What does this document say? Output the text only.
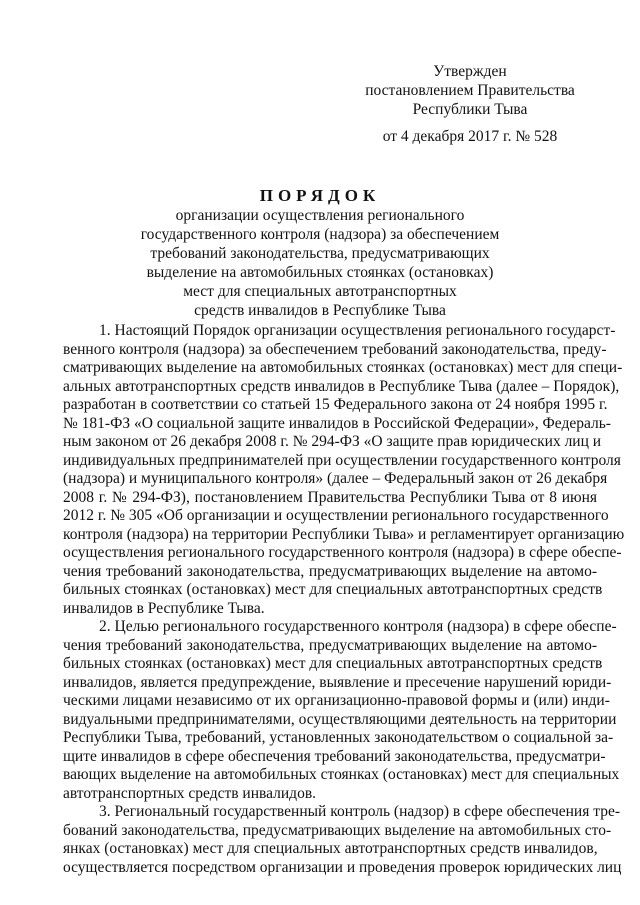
Утвержден
постановлением Правительства
Республики Тыва
от 4 декабря 2017 г. № 528
ПОРЯДОК
организации осуществления регионального
государственного контроля (надзора) за обеспечением
требований законодательства, предусматривающих
выделение на автомобильных стоянках (остановках)
мест для специальных автотранспортных
средств инвалидов в Республике Тыва
1. Настоящий Порядок организации осуществления регионального государст-
венного контроля (надзора) за обеспечением требований законодательства, преду-
сматривающих выделение на автомобильных стоянках (остановках) мест для специ-
альных автотранспортных средств инвалидов в Республике Тыва (далее – Порядок),
разработан в соответствии со статьей 15 Федерального закона от 24 ноября 1995 г.
№ 181-ФЗ «О социальной защите инвалидов в Российской Федерации», Федераль-
ным законом от 26 декабря 2008 г. № 294-ФЗ «О защите прав юридических лиц и
индивидуальных предпринимателей при осуществлении государственного контроля
(надзора) и муниципального контроля» (далее – Федеральный закон от 26 декабря
2008 г. № 294-ФЗ), постановлением Правительства Республики Тыва от 8 июня
2012 г. № 305 «Об организации и осуществлении регионального государственного
контроля (надзора) на территории Республики Тыва» и регламентирует организацию
осуществления регионального государственного контроля (надзора) в сфере обеспе-
чения требований законодательства, предусматривающих выделение на автомо-
бильных стоянках (остановках) мест для специальных автотранспортных средств
инвалидов в Республике Тыва.
2. Целью регионального государственного контроля (надзора) в сфере обеспе-
чения требований законодательства, предусматривающих выделение на автомо-
бильных стоянках (остановках) мест для специальных автотранспортных средств
инвалидов, является предупреждение, выявление и пресечение нарушений юриди-
ческими лицами независимо от их организационно-правовой формы и (или) инди-
видуальными предпринимателями, осуществляющими деятельность на территории
Республики Тыва, требований, установленных законодательством о социальной за-
щите инвалидов в сфере обеспечения требований законодательства, предусматри-
вающих выделение на автомобильных стоянках (остановках) мест для специальных
автотранспортных средств инвалидов.
3. Региональный государственный контроль (надзор) в сфере обеспечения тре-
бований законодательства, предусматривающих выделение на автомобильных сто-
янках (остановках) мест для специальных автотранспортных средств инвалидов,
осуществляется посредством организации и проведения проверок юридических лиц
